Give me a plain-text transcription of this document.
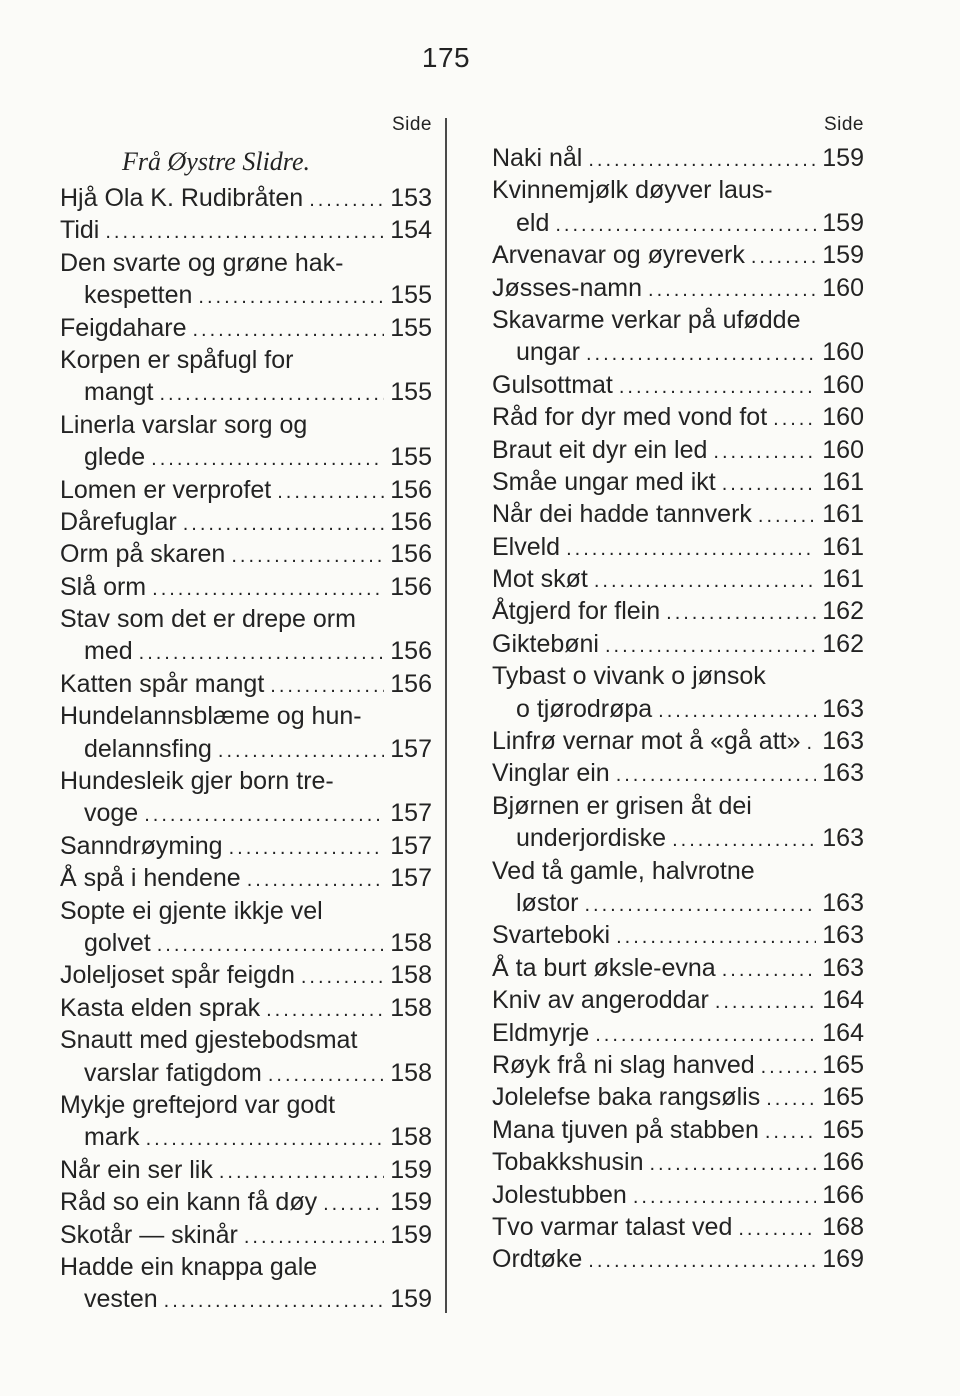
175
Side
Frå Øystre Slidre.
Hjå Ola K. Rudibråten .....	153
Tidi .....	154
Den svarte og grøne hak-
kespetten .....	155
Feigdahare .....	155
Korpen er spåfugl for
mangt .....	155
Linerla varslar sorg og
glede .....	155
Lomen er verprofet .....	156
Dårefuglar .....	156
Orm på skaren .....	156
Slå orm .....	156
Stav som det er drepe orm
med .....	156
Katten spår mangt .....	156
Hundelannsblæme og hun-
delannsfing .....	157
Hundesleik gjer born tre-
voge .....	157
Sanndrøyming .....	157
Å spå i hendene .....	157
Sopte ei gjente ikkje vel
golvet .....	158
Joleljoset spår feigdn .....	158
Kasta elden sprak .....	158
Snautt med gjestebodsmat
varslar fatigdom .....	158
Mykje greftejord var godt
mark .....	158
Når ein ser lik .....	159
Råd so ein kann få døy .....	159
Skotår — skinår .....	159
Hadde ein knappa gale
vesten .....	159
Side
Naki nål .....	159
Kvinnemjølk døyver laus-
eld .....	159
Arvenavar og øyreverk .....	159
Jøsses-namn .....	160
Skavarme verkar på ufødde
ungar .....	160
Gulsottmat .....	160
Råd for dyr med vond fot ..... 160
Braut eit dyr ein led .....	160
Småe ungar med ikt .....	161
Når dei hadde tannverk .....	161
Elveld .....	161
Mot skøt .....	161
Åtgjerd for flein .....	162
Giktebøni .....	162
Tybast o vivank o jønsok
o tjørodrøpa .....	163
Linfrø vernar mot å «gå att» ..... 163
Vinglar ein .....	163
Bjørnen er grisen åt dei
underjordiske .....	163
Ved tå gamle, halvrotne
løstor .....	163
Svarteboki .....	163
Å ta burt øksle-evna .....	163
Kniv av angeroddar .....	164
Eldmyrje .....	164
Røyk frå ni slag hanved .....	165
Jolelefse baka rangsølis ..... 165
Mana tjuven på stabben .....	165
Tobakkshusin .....	166
Jolestubben .....	166
Tvo varmar talast ved .....	168
Ordtøke .....	169
